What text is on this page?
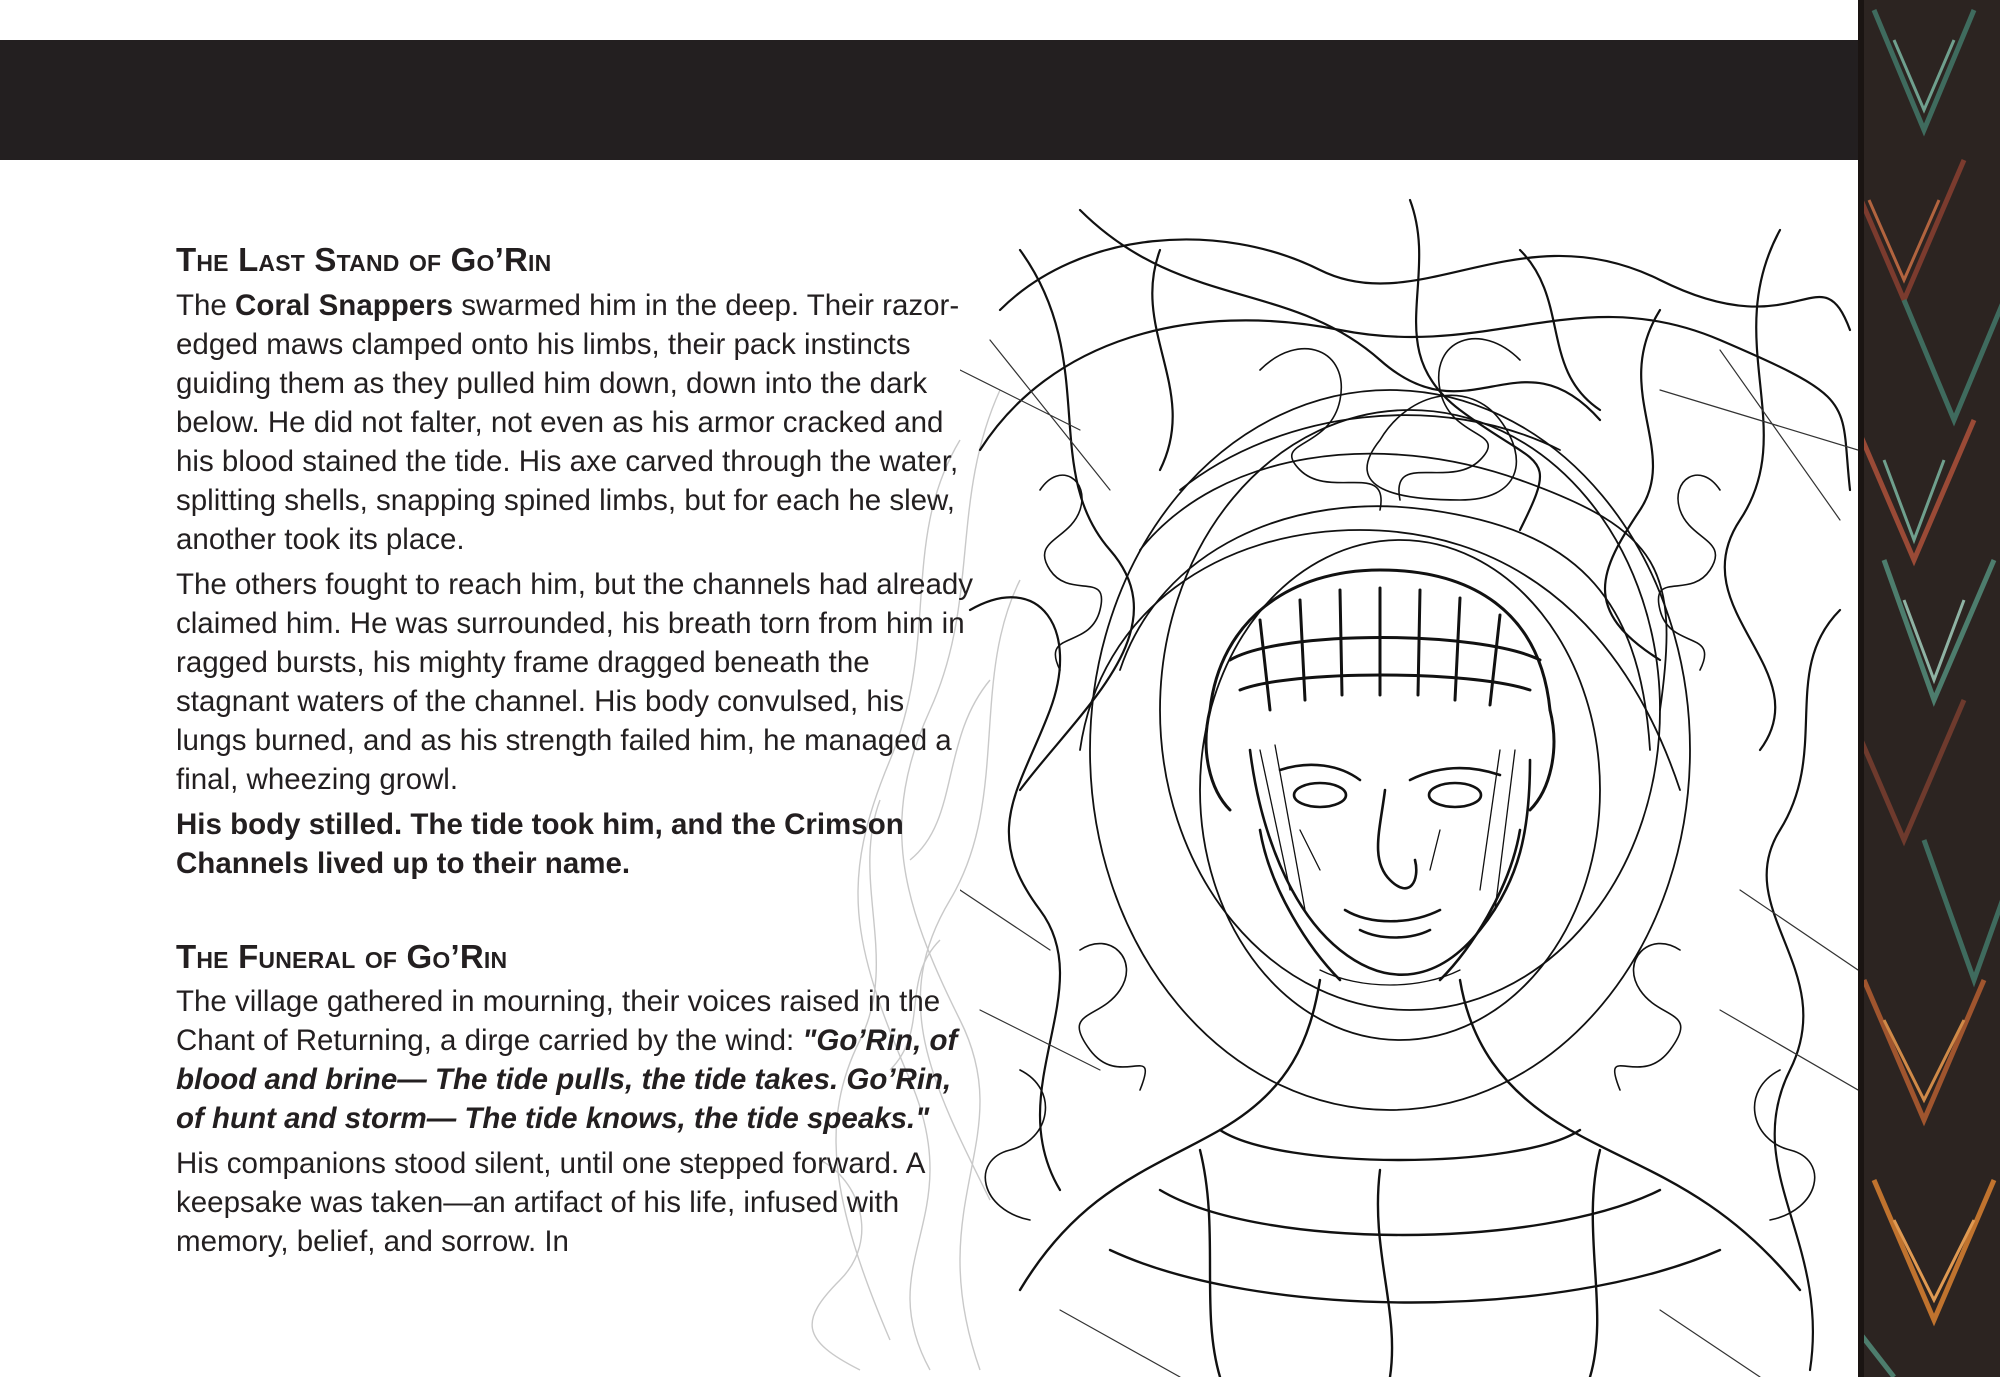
The Last Stand of Go’Rin

The Coral Snappers swarmed him in the deep. Their razor-edged maws clamped onto his limbs, their pack instincts guiding them as they pulled him down, down into the dark below. He did not falter, not even as his armor cracked and his blood stained the tide. His axe carved through the water, splitting shells, snapping spined limbs, but for each he slew, another took its place.

The others fought to reach him, but the channels had already claimed him. He was surrounded, his breath torn from him in ragged bursts, his mighty frame dragged beneath the stagnant waters of the channel. His body convulsed, his lungs burned, and as his strength failed him, he managed a final, wheezing growl.

His body stilled. The tide took him, and the Crimson Channels lived up to their name.

The Funeral of Go’Rin

The village gathered in mourning, their voices raised in the Chant of Returning, a dirge carried by the wind: "Go’Rin, of blood and brine— The tide pulls, the tide takes. Go’Rin, of hunt and storm— The tide knows, the tide speaks."

His companions stood silent, until one stepped forward. A keepsake was taken—an artifact of his life, infused with memory, belief, and sorrow. In
